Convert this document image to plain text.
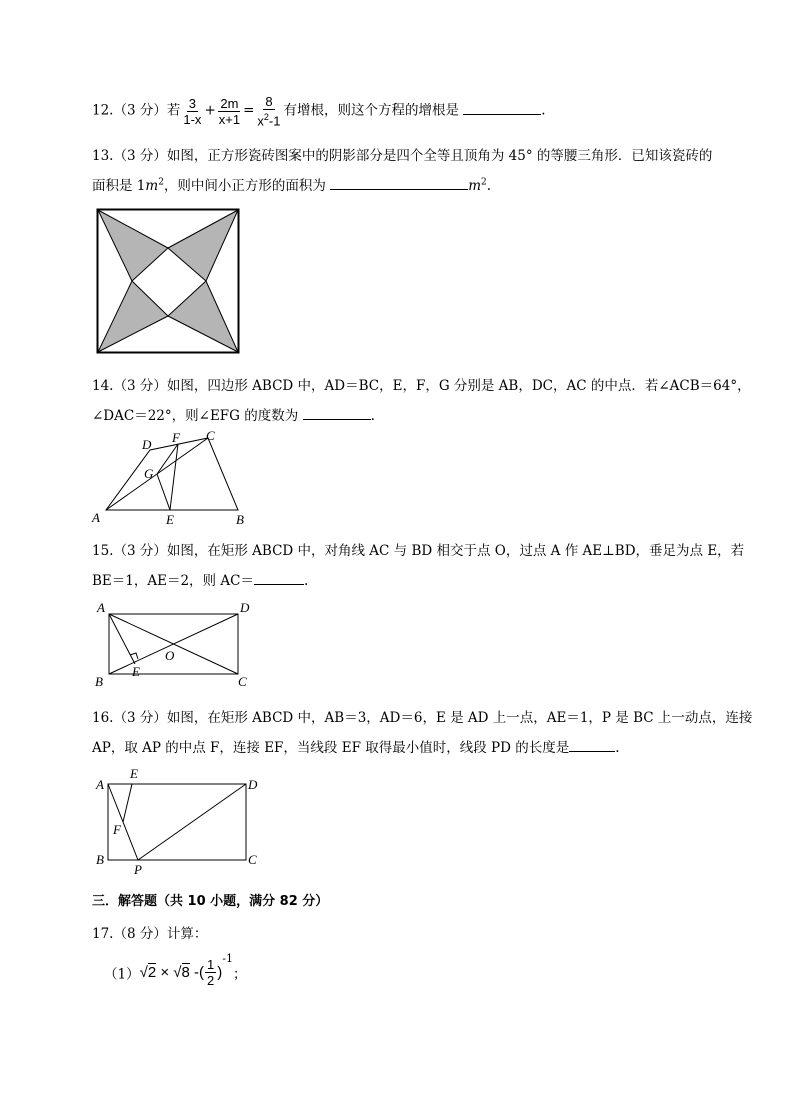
12.（3 分）若 $\frac{3}{1-x} + \frac{2m}{x+1} = \frac{8}{x^2-1}$ 有增根，则这个方程的增根是	.
13.（3 分）如图，正方形瓷砖图案中的阴影部分是四个全等且顶角为 45° 的等腰三角形．已知该瓷砖的
面积是 $1m^2$，则中间小正方形的面积为	$m^2$.
14.（3 分）如图，四边形 ABCD 中，AD＝BC，E，F，G 分别是 AB，DC，AC 的中点．若∠ACB＝64°，
∠DAC＝22°，则∠EFG 的度数为	.
A	B
C
D
E
F
G
15.（3 分）如图，在矩形 ABCD 中，对角线 AC 与 BD 相交于点 O，过点 A 作 AE⊥BD，垂足为点 E，若
BE＝1，AE＝2，则 AC＝	.
A	D
B	C
E
O
16.（3 分）如图，在矩形 ABCD 中，AB＝3，AD＝6，E 是 AD 上一点，AE＝1，P 是 BC 上一动点，连接
AP，取 AP 的中点 F，连接 EF，当线段 EF 取得最小值时，线段 PD 的长度是	.
A
E
D
F
B
P
C
三．解答题（共 10 小题，满分 82 分）
17.（8 分）计算：
（1）√2 × √8 -( $\frac{1}{2} )^{-1}$；
